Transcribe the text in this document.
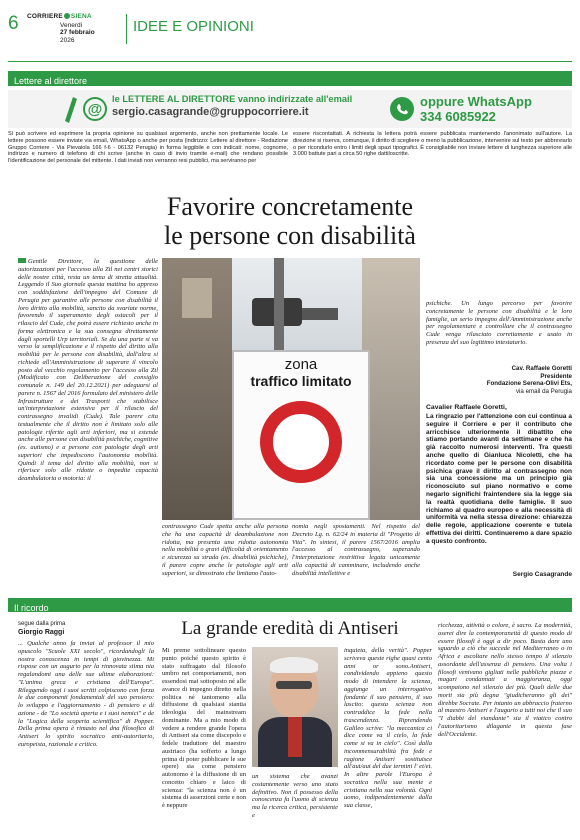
6 CORRIERE SIENA
Venerdì
27 febbraio
2026
IDEE E OPINIONI
Lettere al direttore
@
le LETTERE AL DIRETTORE vanno indirizzate all'email
sergio.casagrande@gruppocorriere.it
oppure WhatsApp
334 6085922
Si può scrivere ed esprimere la propria opinione su qualsiasi argomento, anche non prettamente locale. Le lettere possono essere inviate via email, WhatsApp o anche per posta (indirizzo: Lettere al direttore - Redazione Gruppo Corriere - Via Pievaiola 166 f-6 - 06132 Perugia) in forma leggibile e con indicati: nome, cognome, indirizzo e numero di telefono di chi scrive (anche in caso di invio tramite e-mail) che rendano possibile l'identificazione del personale del mittente. I dati inviati non verranno resi pubblici, ma serviranno per
essere riscontattati. A richiesta la lettera potrà essere pubblicata mantenendo l'anonimato sull'autore. La direzione si riserva, comunque, il diritto di scegliere o meno la pubblicazione, intervenire sul testo per abbreviarlo o per ricondurlo entro i limiti degli spazi tipografici. È consigliabile non inviare lettere di lunghezza superiore alle 3.000 battute pari a circa 50 righe dattiloscritte.
Favorire concretamente
le persone con disabilità
Gentile Direttore, la questione delle autorizzazioni per l'accesso alla Ztl nei centri storici delle nostre città, resta un tema di stretta attualità. Leggendo il Suo giornale questa mattina ho appreso con soddisfazione dell'impegno del Comune di Perugia per garantire alle persone con disabilità il loro diritto alla mobilità, sancito da svariate norme, favorendo il superamento degli ostacoli per il rilascio del Cude, che potrà essere richiesto anche in forma elettronica e la sua consegna direttamente dagli sportelli Urp territoriali. Se da una parte si va verso la semplificazione e il rispetto del diritto alla mobilità per le persone con disabilità, dall'altra si richiede all'Amministrazione di superare il vincolo posto dal vecchio regolamento per l'accesso alla Ztl (Modificato con Deliberazione del consiglio comunale n. 149 del 20.12.2021) per adeguarsi al parere n. 1567 del 2016 formulato del ministero delle Infrastrutture e dei Trasporti che stabilisce un'interpretazione estensiva per il rilascio del contrassegno invalidi (Cude). Tale parere cita testualmente che il diritto non è limitato solo alle patologie riferite agli arti inferiori, ma si estende anche alle persone con disabilità psichiche, cognitive (es. autismo) e a persone con patologie degli arti superiori che impediscono l'autonomia mobilità. Quindi il tema del diritto alla mobilità, non si riferisce solo alle ridotte o impedite capacità deambulatoria o motoria: il
zona
traffico limitato
contrassegno Cude spetta anche alla persona che ha una capacità di deambulazione non ridotta, ma presenta una ridotta autonomia nella mobilità o gravi difficoltà di orientamento e sicurezza su strada (es. disabilità psichiche), il parere copre anche le patologie agli arti superiori, se dimostrato che limitano l'auto-
nomia negli spostamenti. Nel rispetto del Decreto Lg. n. 62/24 in materia di "Progetto di Vita". In sintesi, il parere 1567/2016 amplia l'accesso al contrassegno, superando l'interpretazione restrittiva legata unicamente alla capacità di camminare, includendo anche disabilità intellettive e
psichiche. Un lungo percorso per favorire concretamente le persone con disabilità e le loro famiglie, un serio impegno dell'Amministrazione anche per regolamentare e controllare che il contrassegno Cude venga rilasciato correttamente e usato in presenza del suo legittimo intestatario.
Cav. Raffaele Goretti
Presidente
Fondazione Serena-Olivi Ets,
via email da Perugia
Cavalier Raffaele Goretti,
La ringrazio per l'attenzione con cui continua a seguire il Corriere e per il contributo che arricchisce ulteriormente il dibattito che stiamo portando avanti da settimane e che ha già raccolto numerosi interventi. Tra questi anche quello di Gianluca Nicoletti, che ha ricordato come per le persone con disabilità psichica grave il diritto al contrassegno non sia una concessione ma un principio già riconosciuto sul piano normativo e come negarlo significhi fraintendere sia la legge sia la realtà quotidiana delle famiglie. Il suo richiamo al quadro europeo e alla necessità di uniformità va nella stessa direzione: chiarezza delle regole, applicazione coerente e tutela effettiva dei diritti. Continueremo a dare spazio a questo confronto.
Sergio Casagrande
Il ricordo
segue dalla prima
Giorgio Raggi	La grande eredità di Antiseri
... Qualche anno fa inviai al professor il mio opuscolo "Scuole XXI secolo", ricordandogli la nostra conoscenza in tempi di giovinezza. Mi rispose con un augurio per la rinnovata stima nia regalandomi una delle sue ultime elaborazioni: "L'anima greca e cristiana dell'Europa". Rileggendo oggi i suoi scritti colpiscono con forza le due componenti fondamentali del suo pensiero: lo sviluppo e l'aggiornamento - di pensiero e di azione - de "Lo società aperta e i suoi nemici" e de la "Logica della scoperta scientifica" di Popper. Della prima opera è rimasto nel dna filosofico di Antiseri lo spirito socratico anti-autoritario, europeista, razionale e critico.
Mi preme sottolineare questo punto poiché questo spirito è stato suffragato dal filosofo umbro nei comportamenti, non essendosi mai sottoposto né alle avance di impegno diretto nella politica né tantomeno alla diffusione di qualsiasi stantia ideologia del mainstream dominante. Ma a mio modo di vedere a rendere grande l'opera di Antiseri sia come discepolo e fedele traduttore del maestro austriaco (ha sofferto a lungo prima di poter pubblicare le sue opere) sia come pensiero autonomo è la diffusione di un concetto chiaro e laico di scienza: "la scienza non è un sistema di asserzioni certe e non è neppure
un sistema che avanzi costantemente verso uno stato definitivo. Non il possesso della conoscenza fa l'uomo di scienza ma la ricerca critica, persistente e
inquieta, della verità". Popper scriveva queste righe quasi cento anni or sono.Antiseri, condividendo appieno questo modo di intendere la scienza, aggiunge un interrogativo fondante il suo pensiero, il suo lascito: questa scienza non contraddice la fede nella trascendenza. Riprendendo Galileo scrive: "la meccanica ci dice come va il cielo, la fede come si va in cielo". Così dalla incommensurabilità fra fede e ragione Antiseri sostituisce all'aut/aut del due termini l' et/et. In altre parole l'Europa è socratica nella sua mente e cristiana nella sua volontà. Ogni uomo, indipendentemente dalla sua classe,
ricchezza, attività o colore, è sacro. La modernità, oserei dire la contemporaneità di questo modo di essere filosofi è oggi a dir poco. Basta dare uno sguardo a ciò che succede nel Mediterraneo o in Africa e ascoltare nello stesso tempo il silenzio assordante dell'assenza di pensiero. Una volta i filosofi venivano gigliati nelle pubbliche piazze e magari condannati a maggioranza, oggi scompaiono nel silenzio dei più. Quali delle due morti sia più degna "giudicheranno gli dei" direbbe Socrate. Per intanto un abbraccio fraterno al maestro Antiseri e l'augurio a tutti noi che il suo "I diabbi del viandante" sia il viatico contro l'autoritarismo dilagante in questa fase dell'Occidente.
